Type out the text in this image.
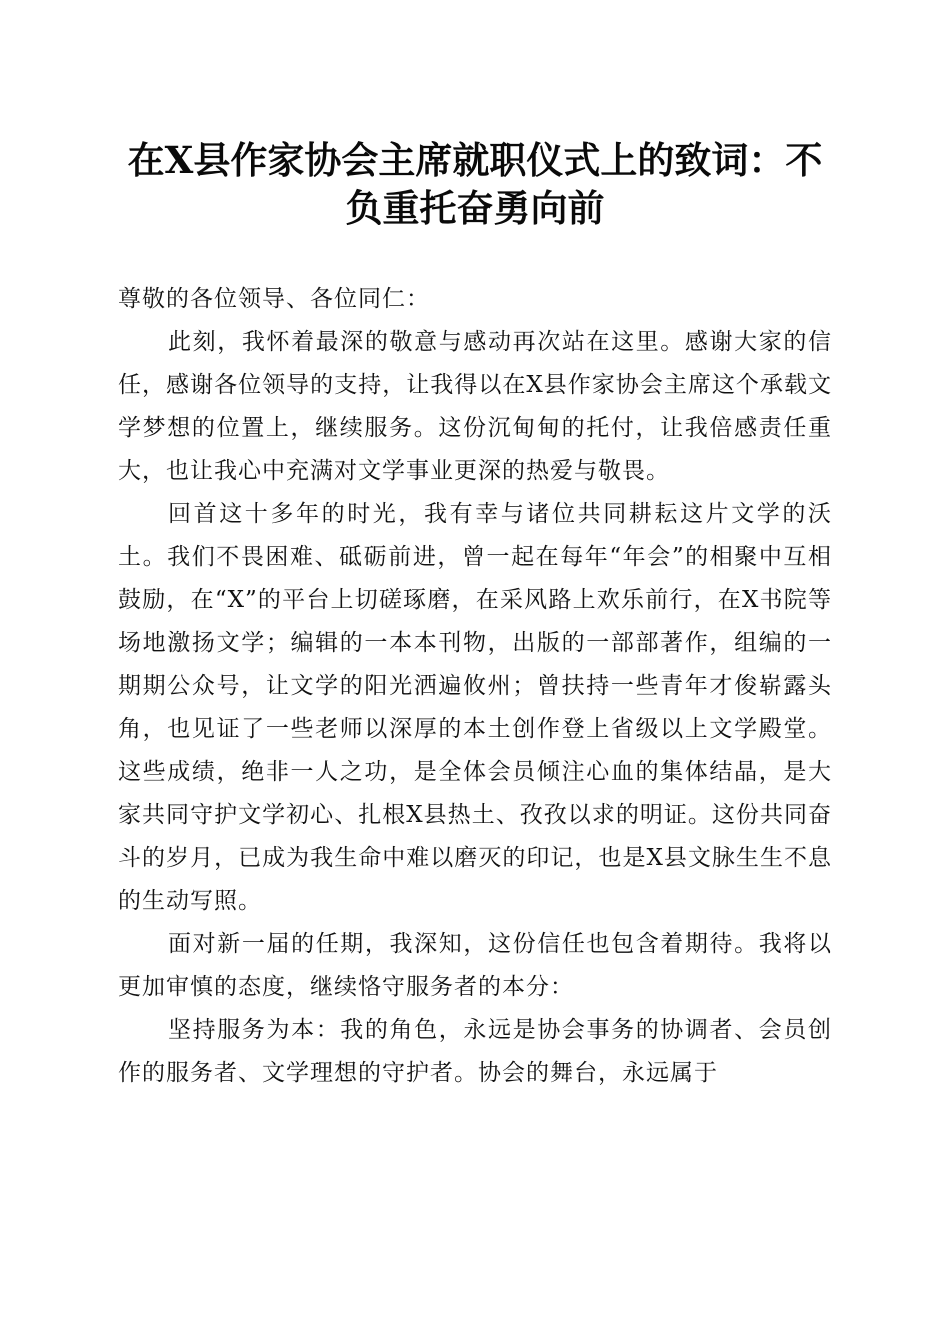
在X县作家协会主席就职仪式上的致词：不负重托奋勇向前

尊敬的各位领导、各位同仁：

此刻，我怀着最深的敬意与感动再次站在这里。感谢大家的信任，感谢各位领导的支持，让我得以在X县作家协会主席这个承载文学梦想的位置上，继续服务。这份沉甸甸的托付，让我倍感责任重大，也让我心中充满对文学事业更深的热爱与敬畏。

回首这十多年的时光，我有幸与诸位共同耕耘这片文学的沃土。我们不畏困难、砥砺前进，曾一起在每年“年会”的相聚中互相鼓励，在“X”的平台上切磋琢磨，在采风路上欢乐前行，在X书院等场地激扬文学；编辑的一本本刊物，出版的一部部著作，组编的一期期公众号，让文学的阳光洒遍攸州；曾扶持一些青年才俊崭露头角，也见证了一些老师以深厚的本土创作登上省级以上文学殿堂。这些成绩，绝非一人之功，是全体会员倾注心血的集体结晶，是大家共同守护文学初心、扎根X县热土、孜孜以求的明证。这份共同奋斗的岁月，已成为我生命中难以磨灭的印记，也是X县文脉生生不息的生动写照。

面对新一届的任期，我深知，这份信任也包含着期待。我将以更加审慎的态度，继续恪守服务者的本分：

坚持服务为本：我的角色，永远是协会事务的协调者、会员创作的服务者、文学理想的守护者。协会的舞台，永远属于
